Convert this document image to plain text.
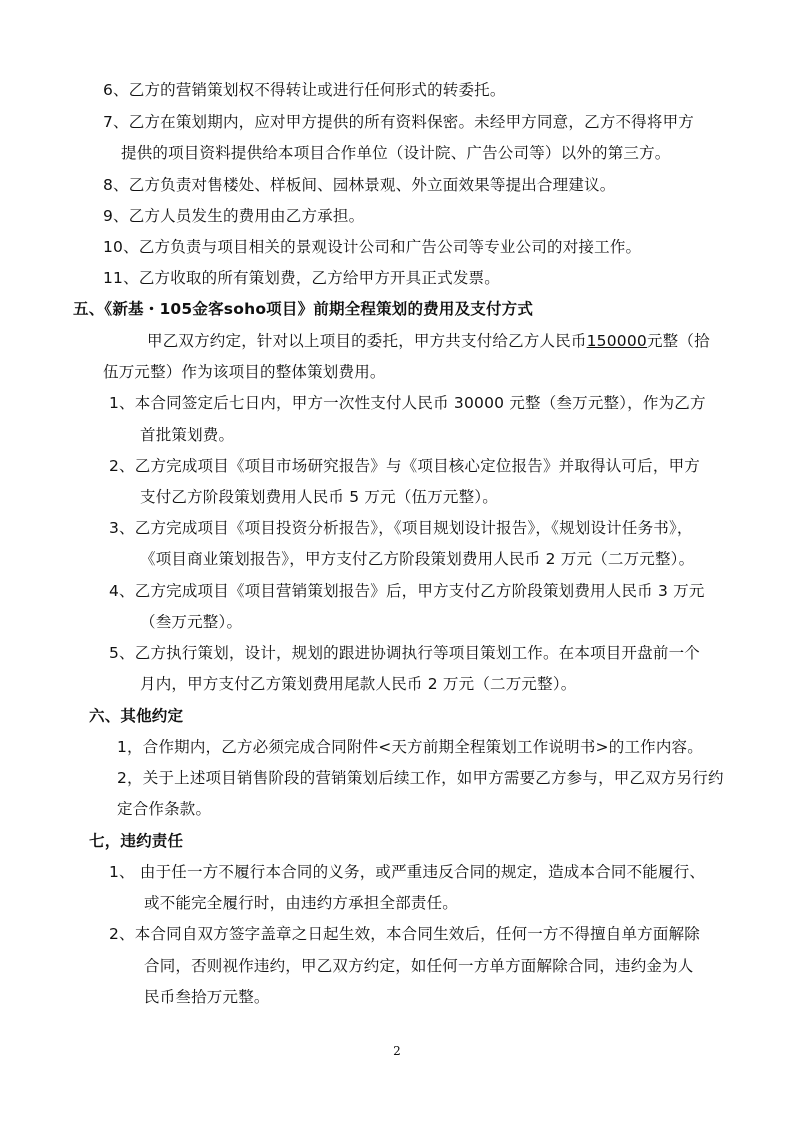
6、乙方的营销策划权不得转让或进行任何形式的转委托。
7、乙方在策划期内，应对甲方提供的所有资料保密。未经甲方同意，乙方不得将甲方
提供的项目资料提供给本项目合作单位（设计院、广告公司等）以外的第三方。
8、乙方负责对售楼处、样板间、园林景观、外立面效果等提出合理建议。
9、乙方人员发生的费用由乙方承担。
10、乙方负责与项目相关的景观设计公司和广告公司等专业公司的对接工作。
11、乙方收取的所有策划费，乙方给甲方开具正式发票。
五、《新基・105金客soho项目》前期全程策划的费用及支付方式
甲乙双方约定，针对以上项目的委托，甲方共支付给乙方人民币150000元整（拾
伍万元整）作为该项目的整体策划费用。
1、本合同签定后七日内，甲方一次性支付人民币 30000 元整（叁万元整），作为乙方
首批策划费。
2、乙方完成项目《项目市场研究报告》与《项目核心定位报告》并取得认可后，甲方
支付乙方阶段策划费用人民币 5 万元（伍万元整）。
3、乙方完成项目《项目投资分析报告》，《项目规划设计报告》，《规划设计任务书》，
《项目商业策划报告》，甲方支付乙方阶段策划费用人民币 2 万元（二万元整）。
4、乙方完成项目《项目营销策划报告》后，甲方支付乙方阶段策划费用人民币 3 万元
（叁万元整）。
5、乙方执行策划，设计，规划的跟进协调执行等项目策划工作。在本项目开盘前一个
月内，甲方支付乙方策划费用尾款人民币 2 万元（二万元整）。
六、其他约定
1，合作期内，乙方必须完成合同附件<天方前期全程策划工作说明书>的工作内容。
2，关于上述项目销售阶段的营销策划后续工作，如甲方需要乙方参与，甲乙双方另行约
定合作条款。
七，违约责任
1、 由于任一方不履行本合同的义务，或严重违反合同的规定，造成本合同不能履行、
或不能完全履行时，由违约方承担全部责任。
2、本合同自双方签字盖章之日起生效，本合同生效后，任何一方不得擅自单方面解除
合同，否则视作违约，甲乙双方约定，如任何一方单方面解除合同，违约金为人
民币叁拾万元整。
2
